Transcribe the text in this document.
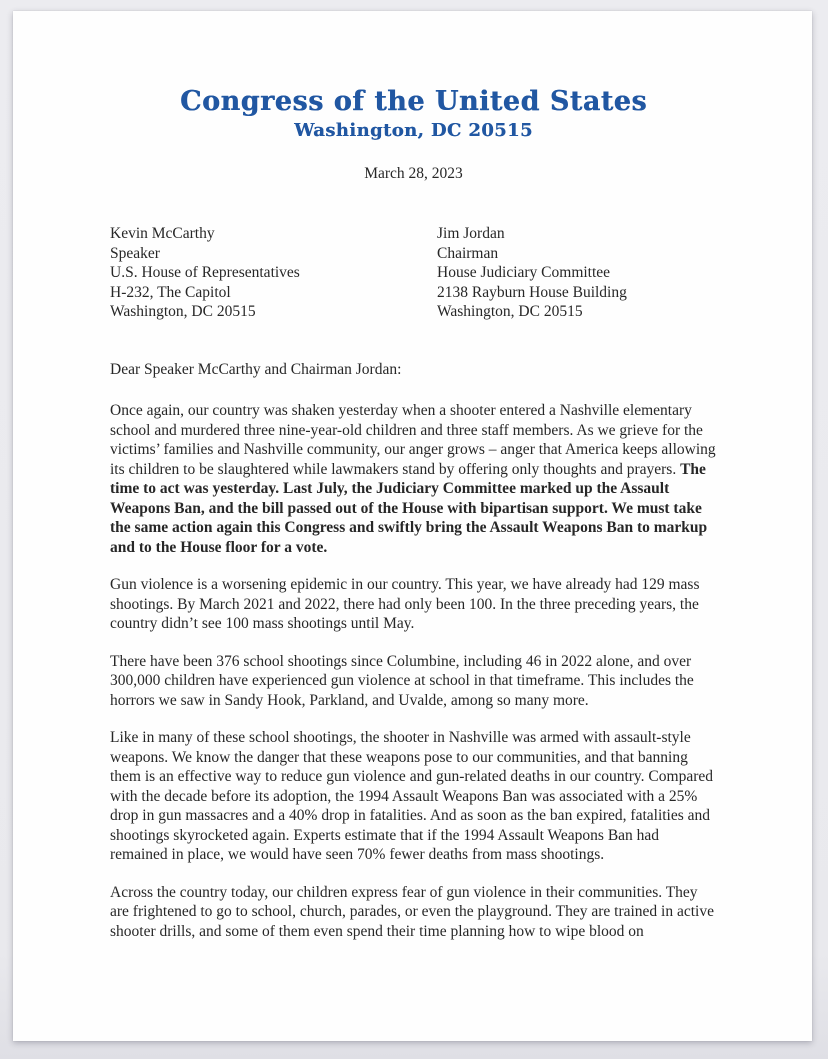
Congress of the United States
Washington, DC 20515
March 28, 2023
Kevin McCarthy
Speaker
U.S. House of Representatives
H-232, The Capitol
Washington, DC 20515
Jim Jordan
Chairman
House Judiciary Committee
2138 Rayburn House Building
Washington, DC 20515

Dear Speaker McCarthy and Chairman Jordan:

Once again, our country was shaken yesterday when a shooter entered a Nashville elementary school and murdered three nine-year-old children and three staff members. As we grieve for the victims’ families and Nashville community, our anger grows – anger that America keeps allowing its children to be slaughtered while lawmakers stand by offering only thoughts and prayers. The time to act was yesterday. Last July, the Judiciary Committee marked up the Assault Weapons Ban, and the bill passed out of the House with bipartisan support. We must take the same action again this Congress and swiftly bring the Assault Weapons Ban to markup and to the House floor for a vote.

Gun violence is a worsening epidemic in our country. This year, we have already had 129 mass shootings. By March 2021 and 2022, there had only been 100. In the three preceding years, the country didn’t see 100 mass shootings until May.

There have been 376 school shootings since Columbine, including 46 in 2022 alone, and over 300,000 children have experienced gun violence at school in that timeframe. This includes the horrors we saw in Sandy Hook, Parkland, and Uvalde, among so many more.

Like in many of these school shootings, the shooter in Nashville was armed with assault-style weapons. We know the danger that these weapons pose to our communities, and that banning them is an effective way to reduce gun violence and gun-related deaths in our country. Compared with the decade before its adoption, the 1994 Assault Weapons Ban was associated with a 25% drop in gun massacres and a 40% drop in fatalities. And as soon as the ban expired, fatalities and shootings skyrocketed again. Experts estimate that if the 1994 Assault Weapons Ban had remained in place, we would have seen 70% fewer deaths from mass shootings.

Across the country today, our children express fear of gun violence in their communities. They are frightened to go to school, church, parades, or even the playground. They are trained in active shooter drills, and some of them even spend their time planning how to wipe blood on
